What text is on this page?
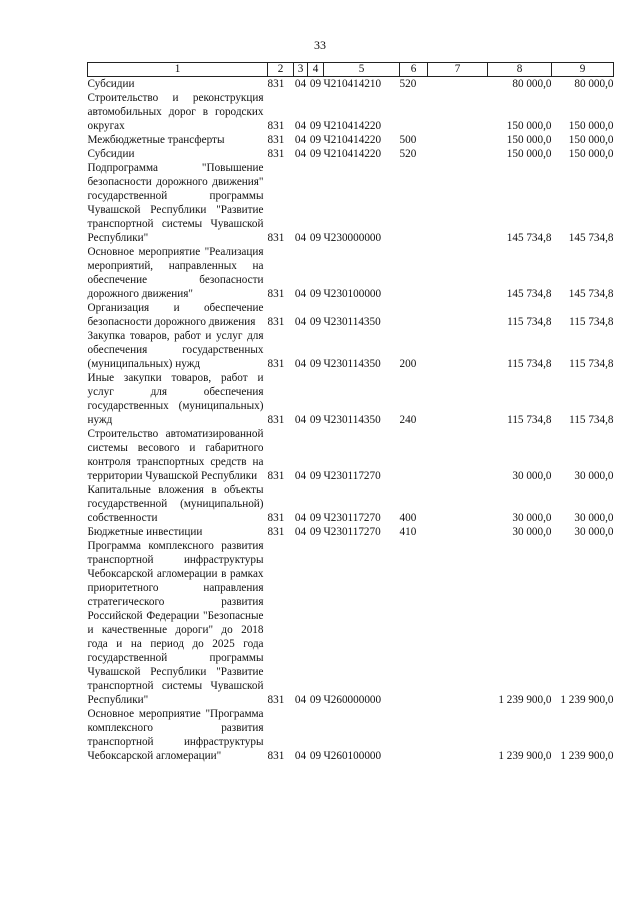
33
1	2	3	4	5	6	7	8	9
Субсидии	831	04	09	Ч210414210	520		80 000,0	80 000,0
Строительство и реконструкция автомобильных дорог в городских округах	831	04	09	Ч210414220			150 000,0	150 000,0
Межбюджетные трансферты	831	04	09	Ч210414220	500		150 000,0	150 000,0
Субсидии	831	04	09	Ч210414220	520		150 000,0	150 000,0
Подпрограмма "Повышение безопасности дорожного движения" государственной программы Чувашской Республики "Развитие транспортной системы Чувашской Республики"	831	04	09	Ч230000000			145 734,8	145 734,8
Основное мероприятие "Реализация мероприятий, направленных на обеспечение безопасности дорожного движения"	831	04	09	Ч230100000			145 734,8	145 734,8
Организация и обеспечение безопасности дорожного движения	831	04	09	Ч230114350			115 734,8	115 734,8
Закупка товаров, работ и услуг для обеспечения государственных (муниципальных) нужд	831	04	09	Ч230114350	200		115 734,8	115 734,8
Иные закупки товаров, работ и услуг для обеспечения государственных (муниципальных) нужд	831	04	09	Ч230114350	240		115 734,8	115 734,8
Строительство автоматизированной системы весового и габаритного контроля транспортных средств на территории Чувашской Республики	831	04	09	Ч230117270			30 000,0	30 000,0
Капитальные вложения в объекты государственной (муниципальной) собственности	831	04	09	Ч230117270	400		30 000,0	30 000,0
Бюджетные инвестиции	831	04	09	Ч230117270	410		30 000,0	30 000,0
Программа комплексного развития транспортной инфраструктуры Чебоксарской агломерации в рамках приоритетного направления стратегического развития Российской Федерации "Безопасные и качественные дороги" до 2018 года и на период до 2025 года государственной программы Чувашской Республики "Развитие транспортной системы Чувашской Республики"	831	04	09	Ч260000000			1 239 900,0	1 239 900,0
Основное мероприятие "Программа комплексного развития транспортной инфраструктуры Чебоксарской агломерации"	831	04	09	Ч260100000			1 239 900,0	1 239 900,0
